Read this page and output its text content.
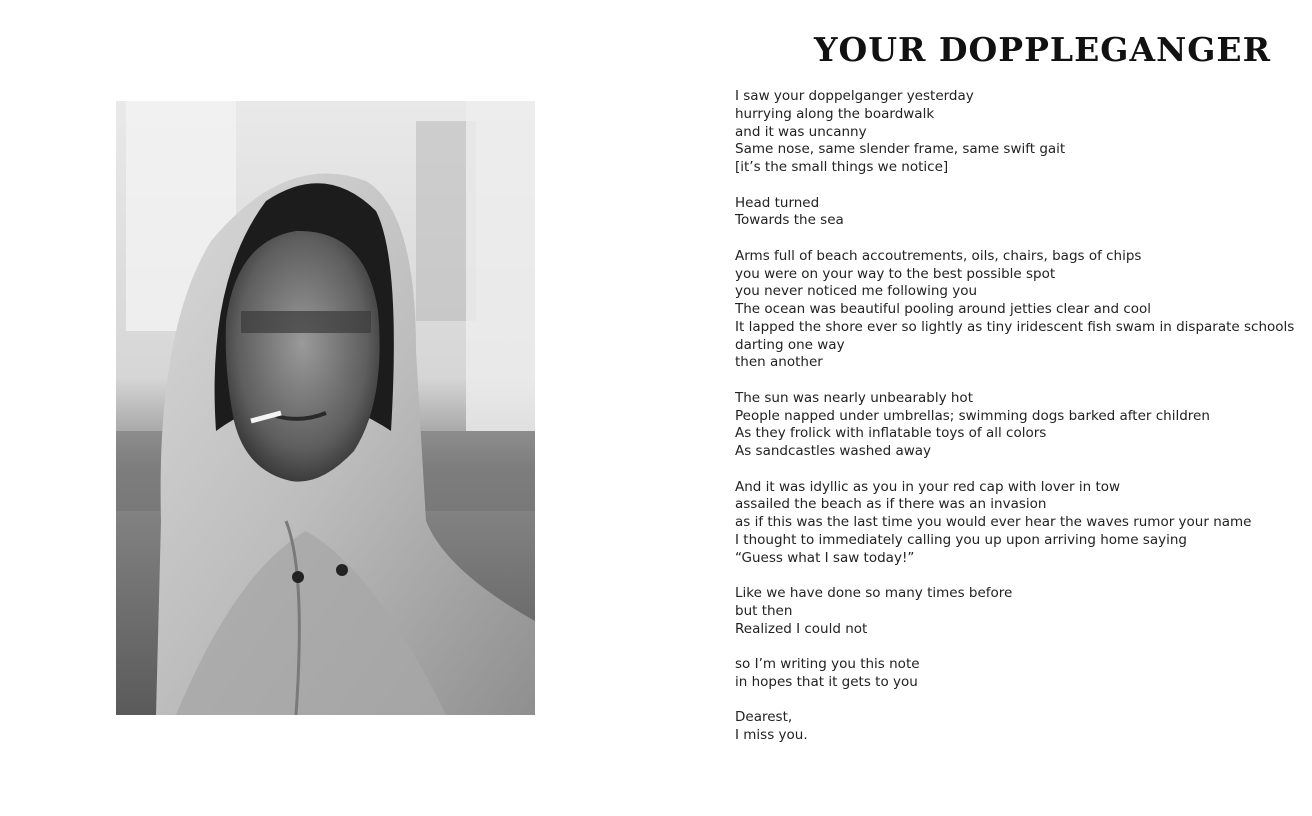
YOUR DOPPLEGANGER
I saw your doppelganger yesterday
hurrying along the boardwalk
and it was uncanny
Same nose, same slender frame, same swift gait
[it’s the small things we notice]
Head turned
Towards the sea
Arms full of beach accoutrements, oils, chairs, bags of chips
you were on your way to the best possible spot
you never noticed me following you
The ocean was beautiful pooling around jetties clear and cool
It lapped the shore ever so lightly as tiny iridescent fish swam in disparate schools
darting one way
then another
The sun was nearly unbearably hot
People napped under umbrellas; swimming dogs barked after children
As they frolick with inflatable toys of all colors
As sandcastles washed away
And it was idyllic as you in your red cap with lover in tow
assailed the beach as if there was an invasion
as if this was the last time you would ever hear the waves rumor your name
I thought to immediately calling you up upon arriving home saying
“Guess what I saw today!”
Like we have done so many times before
but then
Realized I could not
so I’m writing you this note
in hopes that it gets to you
Dearest,
I miss you.
